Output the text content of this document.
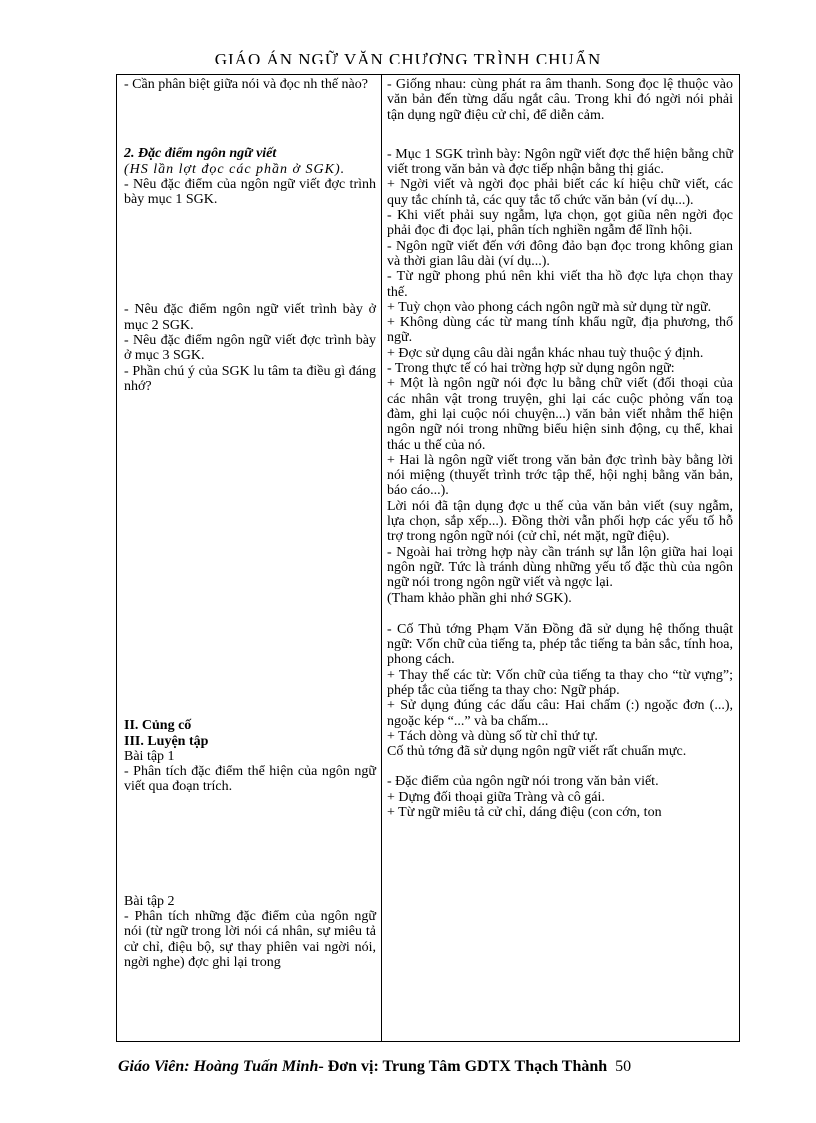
GIÁO ÁN NGỮ VĂN CHƯƠNG TRÌNH CHUẨN

- Cần phân biệt giữa nói và đọc nh thế nào?

2. Đặc điểm ngôn ngữ viết

(HS lần lợt đọc các phần ở SGK).

- Nêu đặc điểm của ngôn ngữ viết đợc trình bày mục 1 SGK.

- Nêu đặc điểm ngôn ngữ viết trình bày ở mục 2 SGK.

- Nêu đặc điểm ngôn ngữ viết đợc trình bày ở mục 3 SGK.

- Phần chú ý của SGK lu tâm ta điều gì đáng nhớ?

II. Củng cố

III. Luyện tập

Bài tập 1

- Phân tích đặc điểm thể hiện của ngôn ngữ viết qua đoạn trích.

Bài tập 2

- Phân tích những đặc điểm của ngôn ngữ nói (từ ngữ trong lời nói cá nhân, sự miêu tả cử chỉ, điệu bộ, sự thay phiên vai ngời nói, ngời nghe) đợc ghi lại trong

- Giống nhau: cùng phát ra âm thanh. Song đọc lệ thuộc vào văn bản đến từng dấu ngắt câu. Trong khi đó ngời nói phải tận dụng ngữ điệu cử chỉ, để diễn cảm.

- Mục 1 SGK trình bày: Ngôn ngữ viết đợc thể hiện bằng chữ viết trong văn bản và đợc tiếp nhận bằng thị giác.

+ Ngời viết và ngời đọc phải biết các kí hiệu chữ viết, các quy tắc chính tả, các quy tắc tổ chức văn bản (ví dụ...).

- Khi viết phải suy ngẫm, lựa chọn, gọt giũa nên ngời đọc phải đọc đi đọc lại, phân tích nghiền ngẫm để lĩnh hội.

- Ngôn ngữ viết đến với đông đảo bạn đọc trong không gian và thời gian lâu dài (ví dụ...).

- Từ ngữ phong phú nên khi viết tha hồ đợc lựa chọn thay thế.

+ Tuỳ chọn vào phong cách ngôn ngữ mà sử dụng từ ngữ.

+ Không dùng các từ mang tính khẩu ngữ, địa phương, thổ ngữ.

+ Đợc sử dụng câu dài ngắn khác nhau tuỳ thuộc ý định.

- Trong thực tế có hai trờng hợp sử dụng ngôn ngữ:

+ Một là ngôn ngữ nói đợc lu bằng chữ viết (đối thoại của các nhân vật trong truyện, ghi lại các cuộc phỏng vấn toạ đàm, ghi lại cuộc nói chuyện...) văn bản viết nhằm thể hiện ngôn ngữ nói trong những biểu hiện sinh động, cụ thể, khai thác u thế của nó.

+ Hai là ngôn ngữ viết trong văn bản đợc trình bày bằng lời nói miệng (thuyết trình trớc tập thể, hội nghị bằng văn bản, báo cáo...).

Lời nói đã tận dụng đợc u thế của văn bản viết (suy ngẫm, lựa chọn, sắp xếp...). Đồng thời vẫn phối hợp các yếu tố hỗ trợ trong ngôn ngữ nói (cử chỉ, nét mặt, ngữ điệu).

- Ngoài hai trờng hợp này cần tránh sự lẫn lộn giữa hai loại ngôn ngữ. Tức là tránh dùng những yếu tố đặc thù của ngôn ngữ nói trong ngôn ngữ viết và ngợc lại.

(Tham khảo phần ghi nhớ SGK).

- Cố Thủ tớng Phạm Văn Đồng đã sử dụng hệ thống thuật ngữ: Vốn chữ của tiếng ta, phép tắc tiếng ta bản sắc, tính hoa, phong cách.

+ Thay thế các từ: Vốn chữ của tiếng ta thay cho “từ vựng”; phép tắc của tiếng ta thay cho: Ngữ pháp.

+ Sử dụng đúng các dấu câu: Hai chấm (:) ngoặc đơn (...), ngoặc kép “...” và ba chấm...

+ Tách dòng và dùng số từ chỉ thứ tự.

Cố thủ tớng đã sử dụng ngôn ngữ viết rất chuẩn mực.

- Đặc điểm của ngôn ngữ nói trong văn bản viết.

+ Dựng đối thoại giữa Tràng và cô gái.

+ Từ ngữ miêu tả cử chỉ, dáng điệu (con cớn, ton

Giáo Viên: Hoàng Tuấn Minh- Đơn vị: Trung Tâm GDTX Thạch Thành 50
